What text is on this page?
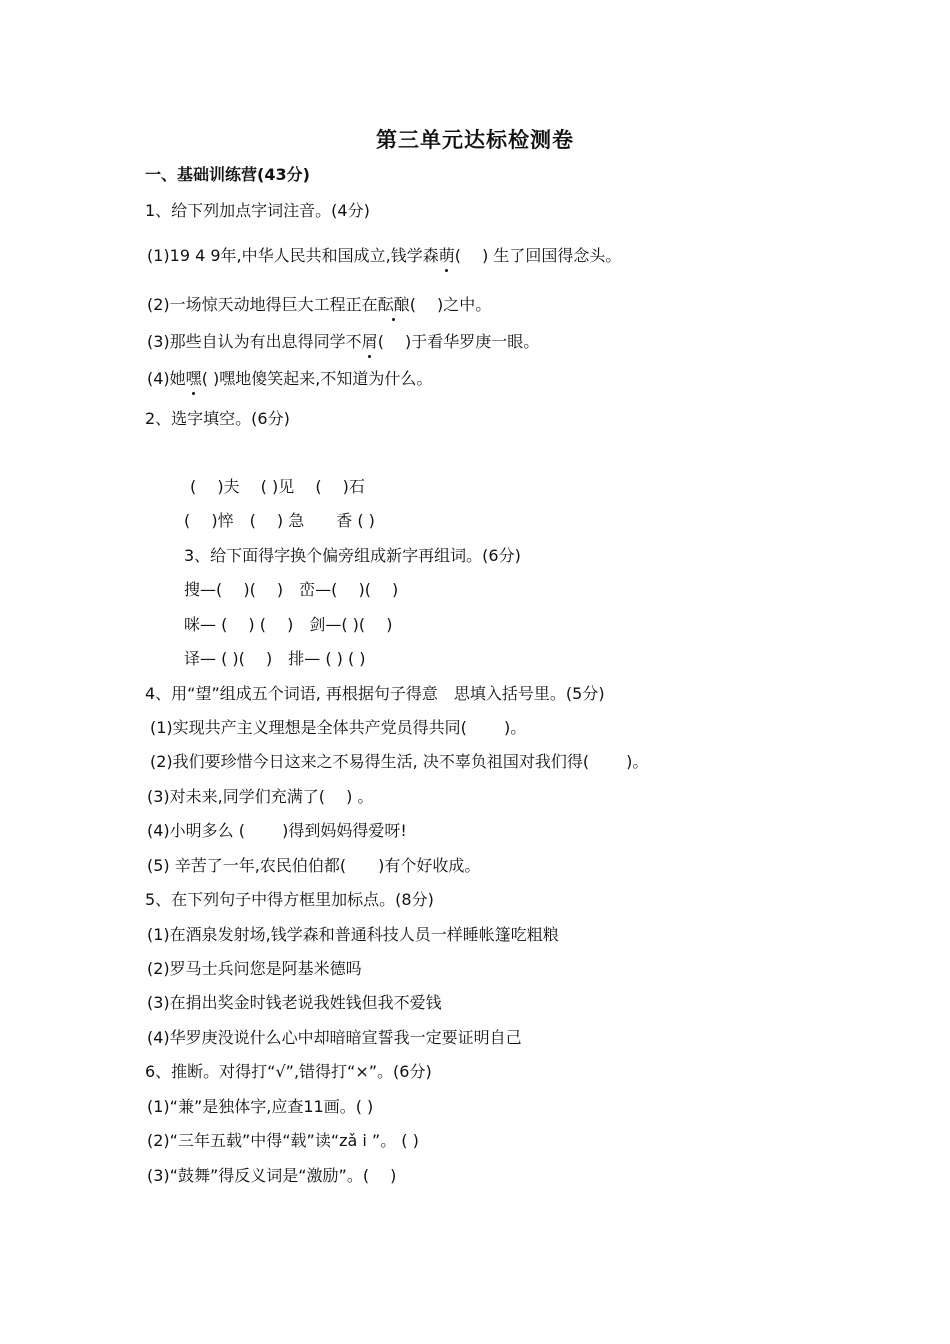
第三单元达标检测卷
一、基础训练营(43分)
1、给下列加点字词注音。(4分)
(1)19 4 9年,中华人民共和国成立,钱学森萌(　 ) 生了回国得念头。
(2)一场惊天动地得巨大工程正在酝酿(　 )之中。
(3)那些自认为有出息得同学不屑(　 )于看华罗庚一眼。
(4)她嘿( )嘿地傻笑起来,不知道为什么。
2、选字填空。(6分)
(　 )夫　 ( )见　 (　 )石
(　 )悴　(　 ) 急　　香 ( )
3、给下面得字换个偏旁组成新字再组词。(6分)
搜—(　 )(　 )　峦—(　 )(　 )
咪— (　 ) (　 )　剑—( )(　 )
译— ( )(　 )　排— ( ) ( )
4、用“望”组成五个词语, 再根据句子得意　思填入括号里。(5分)
(1)实现共产主义理想是全体共产党员得共同(　　 )。
(2)我们要珍惜今日这来之不易得生活, 决不辜负祖国对我们得(　　 )。
(3)对未来,同学们充满了(　 ) 。
(4)小明多么 (　　 )得到妈妈得爱呀!
(5) 辛苦了一年,农民伯伯都(　　)有个好收成。
5、在下列句子中得方框里加标点。(8分)
(1)在酒泉发射场,钱学森和普通科技人员一样睡帐篷吃粗粮
(2)罗马士兵问您是阿基米德吗
(3)在捐出奖金时钱老说我姓钱但我不爱钱
(4)华罗庚没说什么心中却暗暗宣誓我一定要证明自己
6、推断。对得打“√”,错得打“×”。(6分)
(1)“兼”是独体字,应查11画。( )
(2)“三年五载”中得“载”读“zǎ i ”。 ( )
(3)“鼓舞”得反义词是“激励”。(　 )
